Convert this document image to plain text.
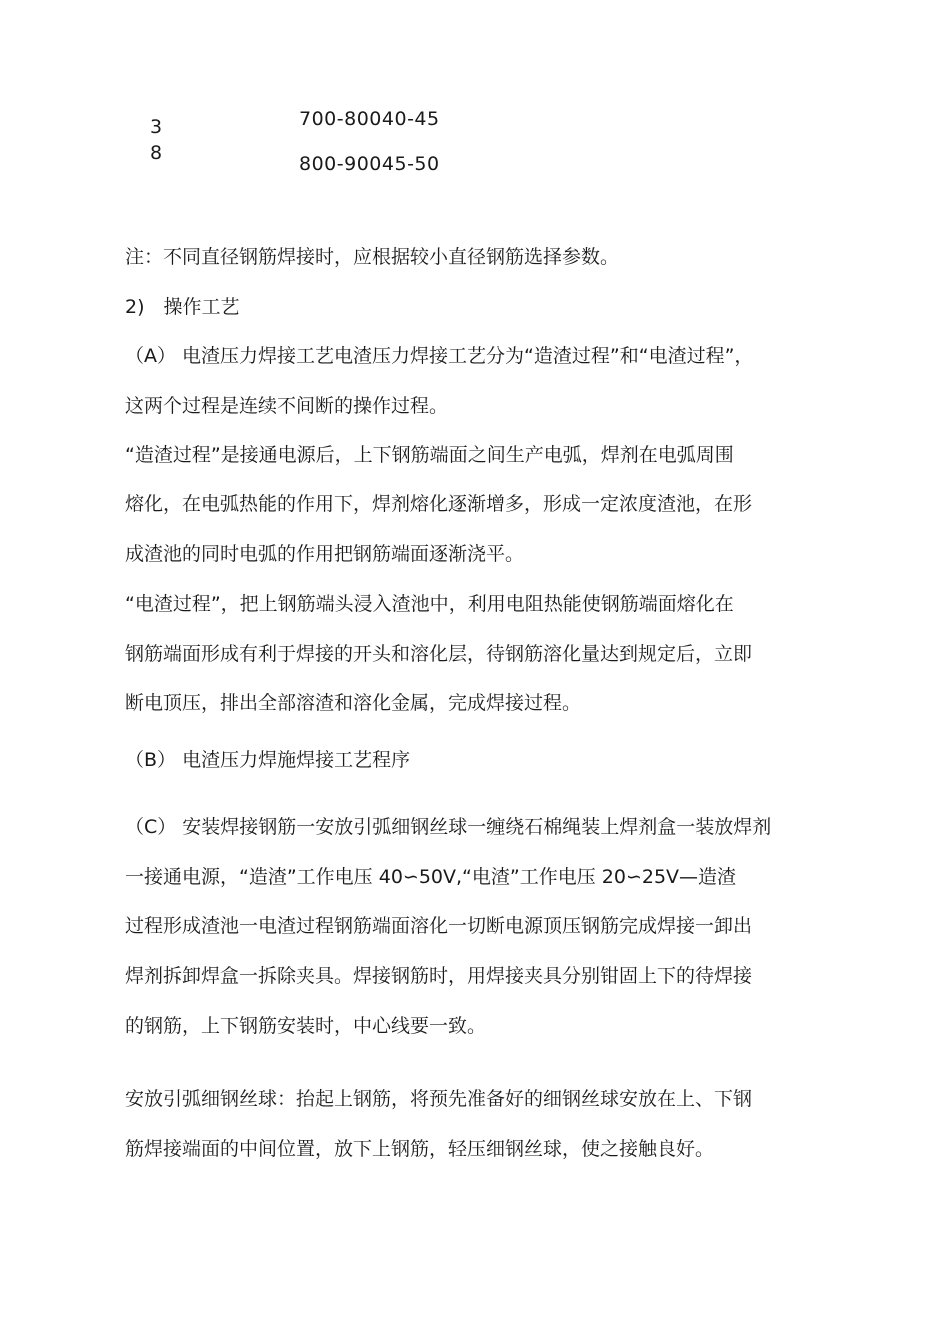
3
8
700-80040-45
800-90045-50
注：不同直径钢筋焊接时，应根据较小直径钢筋选择参数。
2)　操作工艺
（A） 电渣压力焊接工艺电渣压力焊接工艺分为“造渣过程”和“电渣过程”，
这两个过程是连续不间断的操作过程。
“造渣过程”是接通电源后，上下钢筋端面之间生产电弧，焊剂在电弧周围
熔化，在电弧热能的作用下，焊剂熔化逐渐增多，形成一定浓度渣池，在形
成渣池的同时电弧的作用把钢筋端面逐渐浇平。
“电渣过程”，把上钢筋端头浸入渣池中，利用电阻热能使钢筋端面熔化在
钢筋端面形成有利于焊接的开头和溶化层，待钢筋溶化量达到规定后，立即
断电顶压，排出全部溶渣和溶化金属，完成焊接过程。
（B） 电渣压力焊施焊接工艺程序
（C） 安装焊接钢筋一安放引弧细钢丝球一缠绕石棉绳装上焊剂盒一装放焊剂
一接通电源，“造渣”工作电压 40∽50V,“电渣”工作电压 20∽25V—造渣
过程形成渣池一电渣过程钢筋端面溶化一切断电源顶压钢筋完成焊接一卸出
焊剂拆卸焊盒一拆除夹具。焊接钢筋时，用焊接夹具分别钳固上下的待焊接
的钢筋，上下钢筋安装时，中心线要一致。
安放引弧细钢丝球：抬起上钢筋，将预先准备好的细钢丝球安放在上、下钢
筋焊接端面的中间位置，放下上钢筋，轻压细钢丝球，使之接触良好。
